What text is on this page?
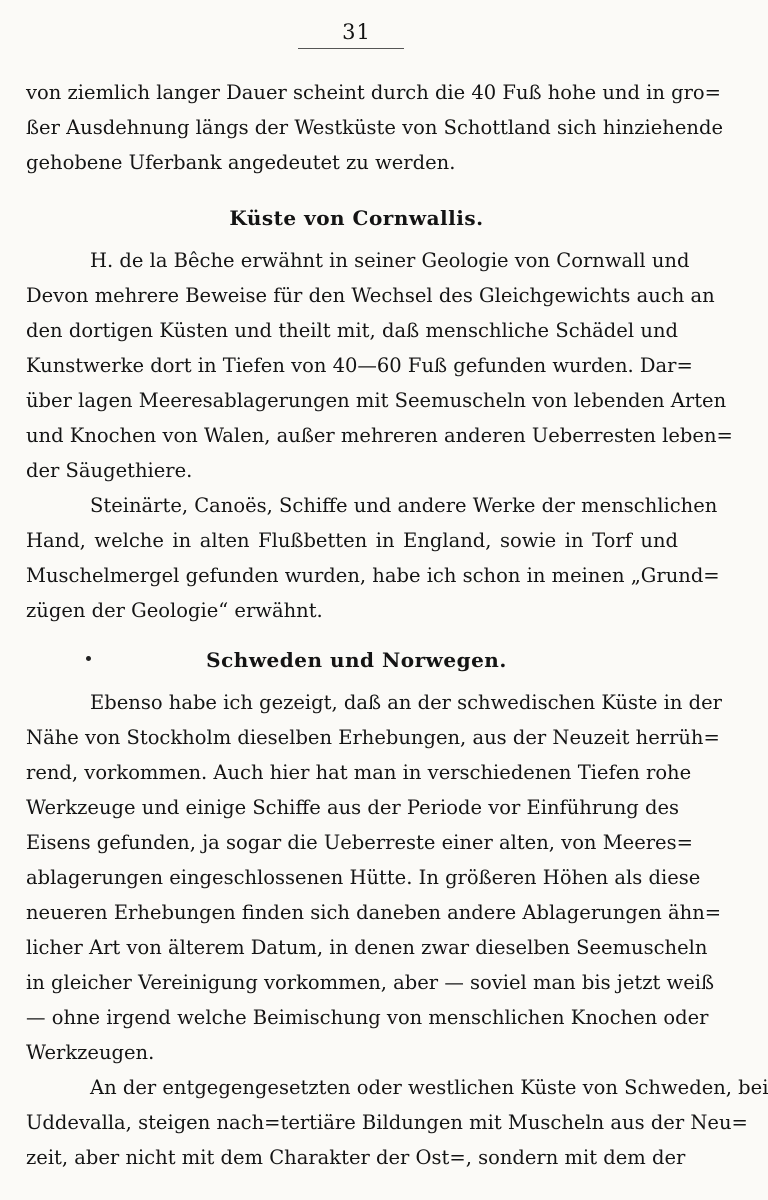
31
von ziemlich langer Dauer scheint durch die 40 Fuß hohe und in gro=
ßer Ausdehnung längs der Westküste von Schottland sich hinziehende
gehobene Uferbank angedeutet zu werden.
Küste von Cornwallis.
H. de la Bêche erwähnt in seiner Geologie von Cornwall und
Devon mehrere Beweise für den Wechsel des Gleichgewichts auch an
den dortigen Küsten und theilt mit, daß menschliche Schädel und
Kunstwerke dort in Tiefen von 40—60 Fuß gefunden wurden. Dar=
über lagen Meeresablagerungen mit Seemuscheln von lebenden Arten
und Knochen von Walen, außer mehreren anderen Ueberresten leben=
der Säugethiere.
Steinärte, Canoës, Schiffe und andere Werke der menschlichen
Hand, welche in alten Flußbetten in England, sowie in Torf und
Muschelmergel gefunden wurden, habe ich schon in meinen „Grund=
zügen der Geologie“ erwähnt.
Schweden und Norwegen.
Ebenso habe ich gezeigt, daß an der schwedischen Küste in der
Nähe von Stockholm dieselben Erhebungen, aus der Neuzeit herrüh=
rend, vorkommen. Auch hier hat man in verschiedenen Tiefen rohe
Werkzeuge und einige Schiffe aus der Periode vor Einführung des
Eisens gefunden, ja sogar die Ueberreste einer alten, von Meeres=
ablagerungen eingeschlossenen Hütte. In größeren Höhen als diese
neueren Erhebungen finden sich daneben andere Ablagerungen ähn=
licher Art von älterem Datum, in denen zwar dieselben Seemuscheln
in gleicher Vereinigung vorkommen, aber — soviel man bis jetzt weiß
— ohne irgend welche Beimischung von menschlichen Knochen oder
Werkzeugen.
An der entgegengesetzten oder westlichen Küste von Schweden, bei
Uddevalla, steigen nach=tertiäre Bildungen mit Muscheln aus der Neu=
zeit, aber nicht mit dem Charakter der Ost=, sondern mit dem der
